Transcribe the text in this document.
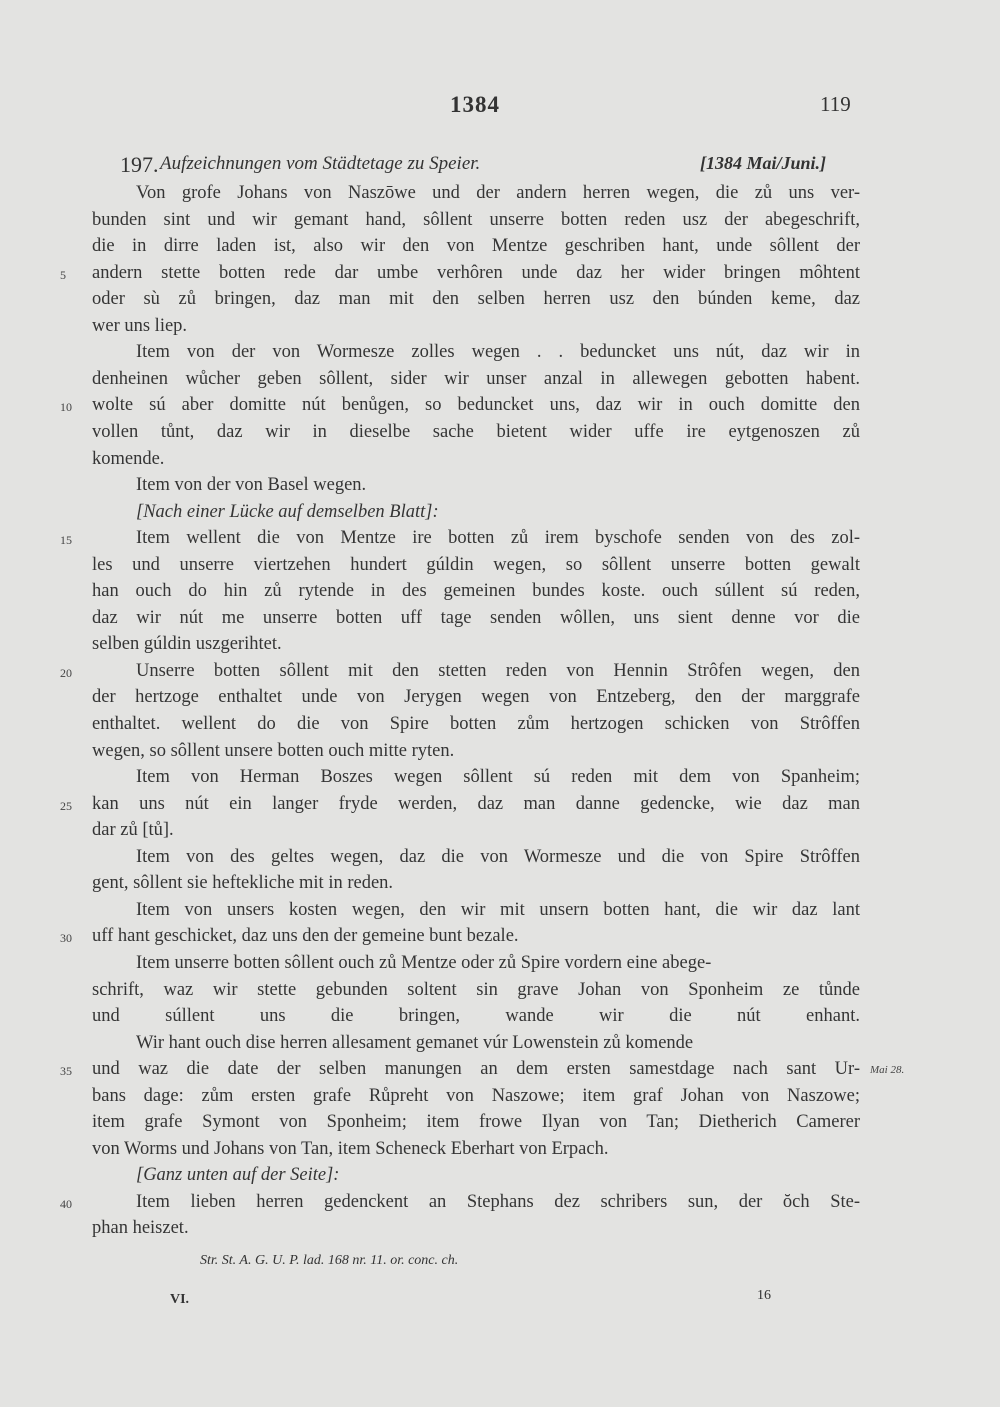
1384	119
197. Aufzeichnungen vom Städtetage zu Speier.	[1384 Mai/Juni.]
Von grofe Johans von Naszōwe und der andern herren wegen, die zů uns ver-
bunden sint und wir gemant hand, sôllent unserre botten reden usz der abegeschrift,
die in dirre laden ist, also wir den von Mentze geschriben hant, unde sôllent der
5 andern stette botten rede dar umbe verhôren unde daz her wider bringen môhtent
oder sù zů bringen, daz man mit den selben herren usz den búnden keme, daz
wer uns liep.
Item von der von Wormesze zolles wegen . . beduncket uns nút, daz wir in
denheinen wůcher geben sôllent, sider wir unser anzal in allewegen gebotten habent.
10 wolte sú aber domitte nút benůgen, so beduncket uns, daz wir in ouch domitte den
vollen tůnt, daz wir in dieselbe sache bietent wider uffe ire eytgenoszen zů
komende.
Item von der von Basel wegen.
[Nach einer Lücke auf demselben Blatt]:
15	Item wellent die von Mentze ire botten zů irem byschofe senden von des zol-
les und unserre viertzehen hundert gúldin wegen, so sôllent unserre botten gewalt
han ouch do hin zů rytende in des gemeinen bundes koste. ouch súllent sú reden,
daz wir nút me unserre botten uff tage senden wôllen, uns sient denne vor die
selben gúldin uszgerihtet.
20	Unserre botten sôllent mit den stetten reden von Hennin Strôfen wegen, den
der hertzoge enthaltet unde von Jerygen wegen von Entzeberg, den der marggrafe
enthaltet. wellent do die von Spire botten zům hertzogen schicken von Strôffen
wegen, so sôllent unsere botten ouch mitte ryten.
Item von Herman Boszes wegen sôllent sú reden mit dem von Spanheim;
25 kan uns nút ein langer fryde werden, daz man danne gedencke, wie daz man
dar zů [tů].
Item von des geltes wegen, daz die von Wormesze und die von Spire Strôffen
gent, sôllent sie heftekliche mit in reden.
Item von unsers kosten wegen, den wir mit unsern botten hant, die wir daz lant
30 uff hant geschicket, daz uns den der gemeine bunt bezale.
Item unserre botten sôllent ouch zů Mentze oder zů Spire vordern eine abege-
schrift, waz wir stette gebunden soltent sin grave Johan von Sponheim ze tůnde
und súllent uns die bringen, wande wir die nút enhant.
Wir hant ouch dise herren allesament gemanet vúr Lowenstein zů komende
35 und waz die date der selben manungen an dem ersten samestdage nach sant Ur-
bans dage: zům ersten grafe Růpreht von Naszowe; item graf Johan von Naszowe;
item grafe Symont von Sponheim; item frowe Ilyan von Tan; Dietherich Camerer
von Worms und Johans von Tan, item Scheneck Eberhart von Erpach.
[Ganz unten auf der Seite]:
40	Item lieben herren gedenckent an Stephans dez schribers sun, der ŏch Ste-
phan heiszet.
Mai 28.
Str. St. A. G. U. P. lad. 168 nr. 11. or. conc. ch.
VI.	16
